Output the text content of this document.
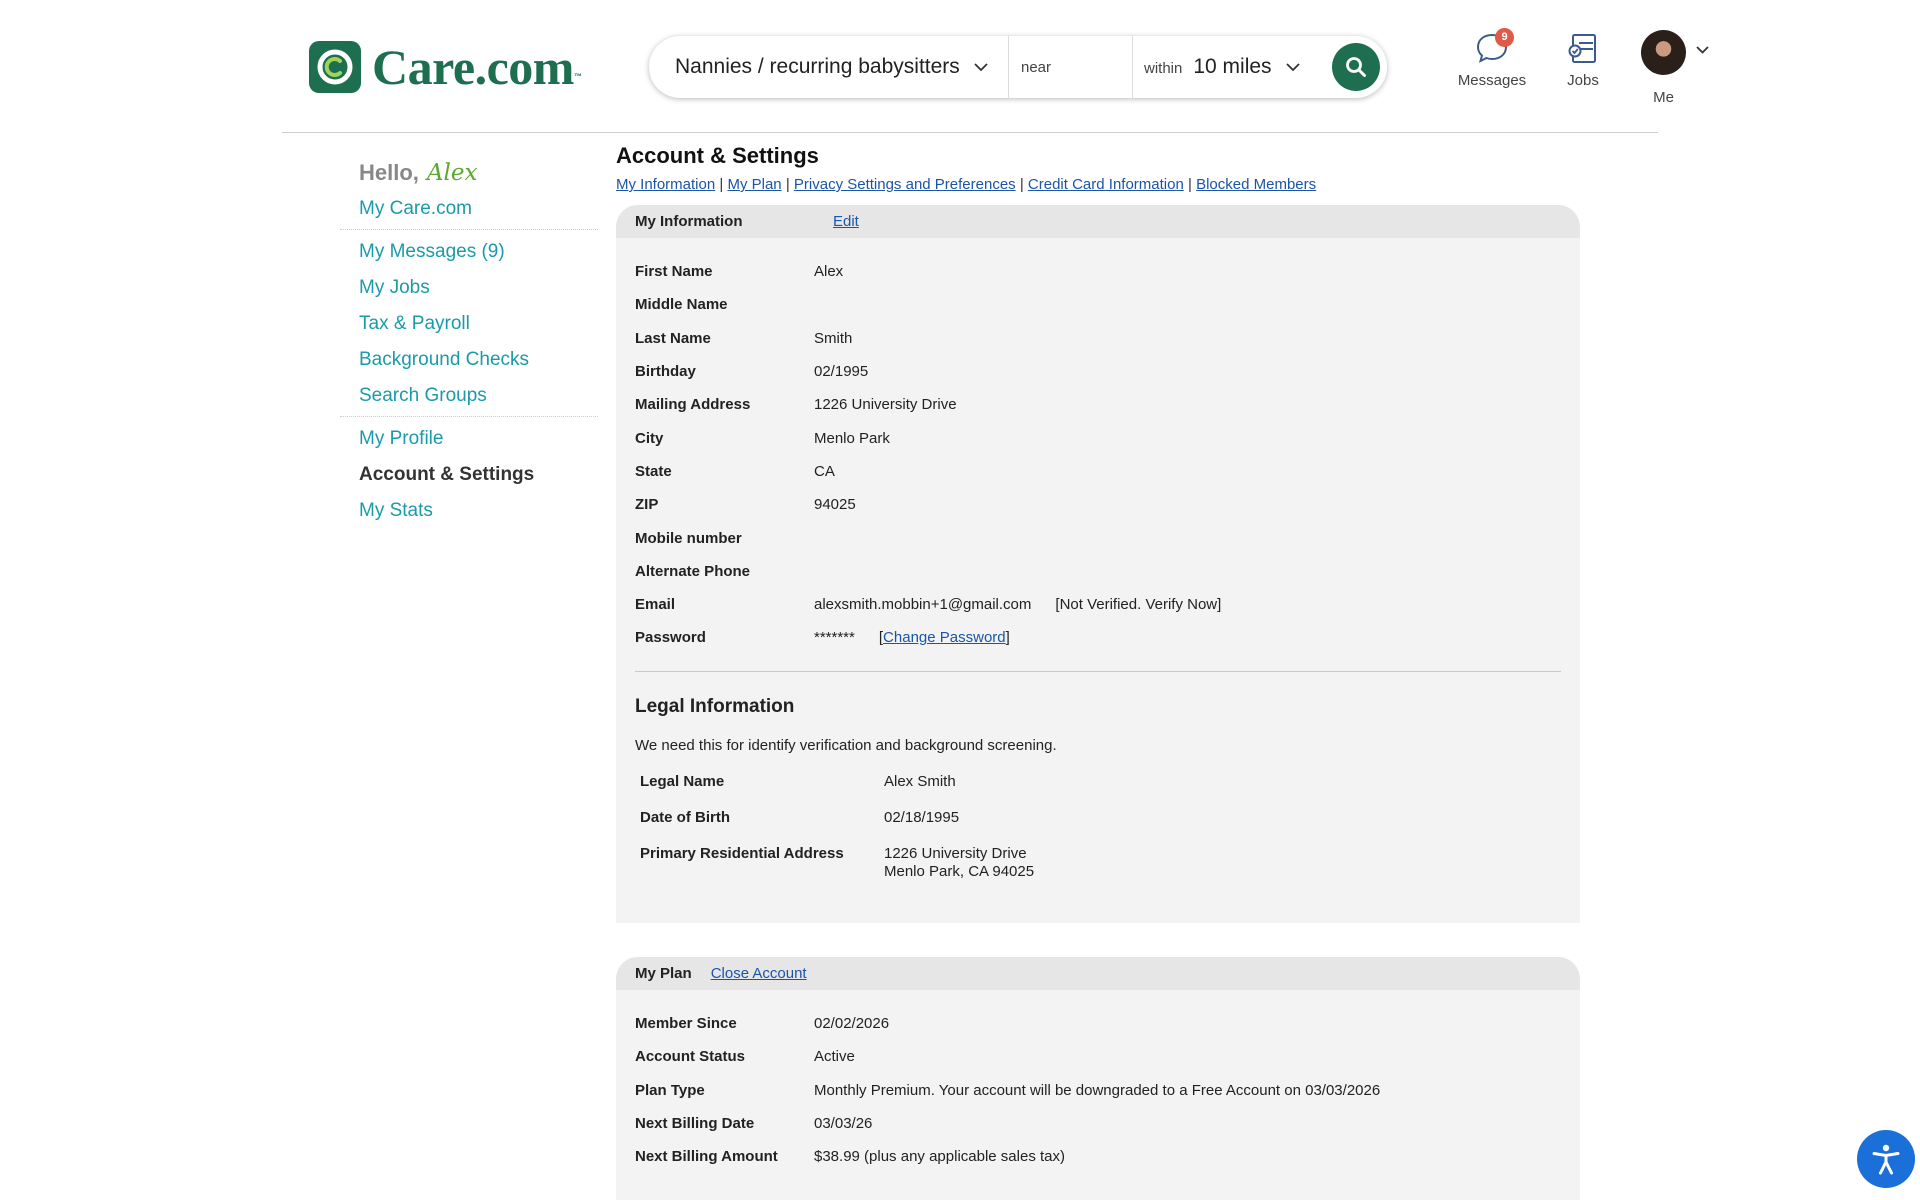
Care.com™	Nannies / recurring babysitters
near	within 10 miles
9
Messages	Jobs
Me
Hello, Alex
My Care.com
My Messages (9)
My Jobs
Tax & Payroll
Background Checks
Search Groups
My Profile
Account & Settings
My Stats
Account & Settings
My Information | My Plan | Privacy Settings and Preferences | Credit Card Information | Blocked Members
My Information	Edit
First Name	Alex
Middle Name
Last Name	Smith
Birthday	02/1995
Mailing Address	1226 University Drive
City	Menlo Park
State	CA
ZIP	94025
Mobile number
Alternate Phone
Email	alexsmith.mobbin+1@gmail.com [Not Verified. Verify Now]
Password	******* [Change Password]
Legal Information
We need this for identify verification and background screening.
Legal Name	Alex Smith
Date of Birth	02/18/1995
Primary Residential Address	1226 University Drive
Menlo Park, CA 94025
My Plan Close Account
Member Since	02/02/2026
Account Status	Active
Plan Type	Monthly Premium. Your account will be downgraded to a Free Account on 03/03/2026
Next Billing Date	03/03/26
Next Billing Amount	$38.99 (plus any applicable sales tax)
